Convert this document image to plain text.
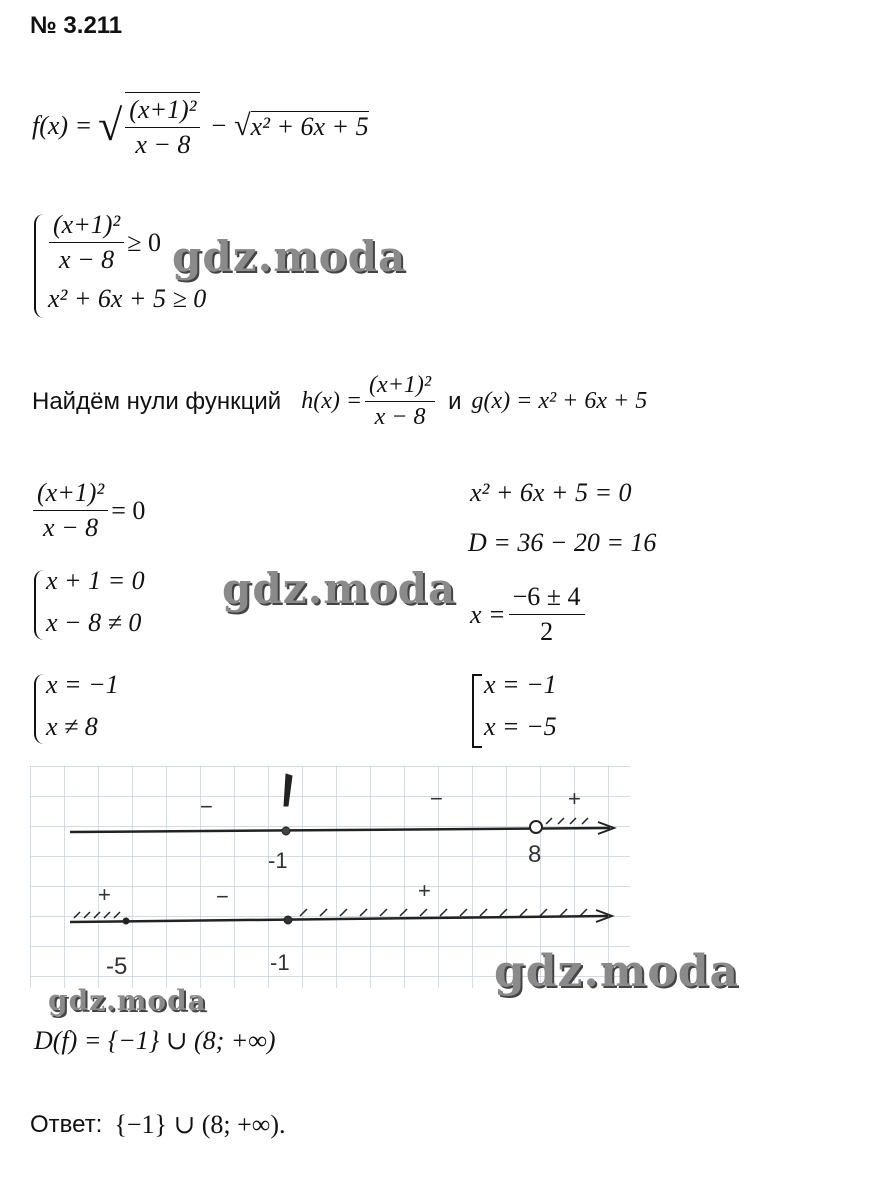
№ 3.211
f(x) = √ $\frac{\text{(x+1)²}}{x - 8}$ − √ x² + 6x + 5
$\frac{\text{(x+1)²}}{x - 8} \ge 0$
x² + 6x + 5 ≥ 0
gdz.moda
Найдём нули функций $h(x) = \frac{\text{(x+1)²}}{x - 8}$ и g(x) = x² + 6x + 5
$\frac{\text{(x+1)²}}{x - 8} = 0$
x + 1 = 0
x − 8 ≠ 0
x = −1
x ≠ 8
gdz.moda
x² + 6x + 5 = 0
D = 36 − 20 = 16
$x = \frac{-6 \pm 4}{2}$
x = −1
x = −5
−	−	+
-1	8
+	−	+
-5	-1
gdz.moda
gdz.moda
D(f) = {−1} ∪ (8; +∞)
Ответ: {−1} ∪ (8; +∞).
